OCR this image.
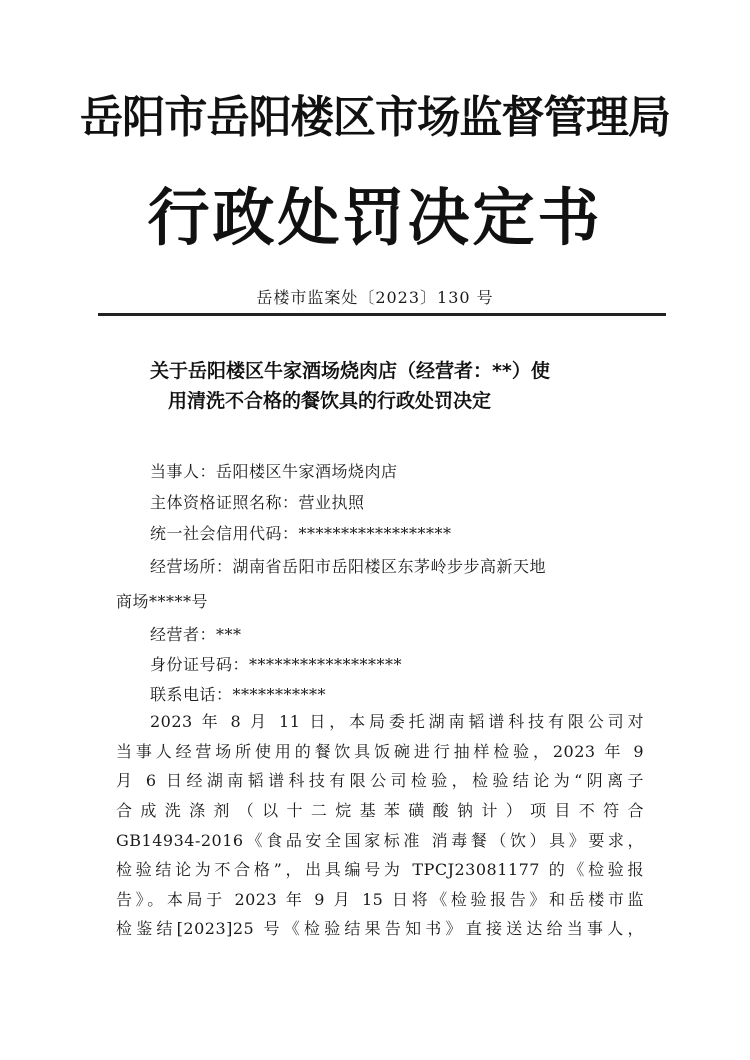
岳阳市岳阳楼区市场监督管理局
行政处罚决定书
岳楼市监案处〔2023〕130 号
关于岳阳楼区牛家酒场烧肉店（经营者：**）使
用清洗不合格的餐饮具的行政处罚决定
当事人：岳阳楼区牛家酒场烧肉店
主体资格证照名称：营业执照
统一社会信用代码：******************
经营场所：湖南省岳阳市岳阳楼区东茅岭步步高新天地
商场*****号
经营者：***
身份证号码：******************
联系电话：***********
2023 年 8 月 11 日，本局委托湖南韬谱科技有限公司对
当事人经营场所使用的餐饮具饭碗进行抽样检验，2023 年 9
月 6 日经湖南韬谱科技有限公司检验，检验结论为“阴离子
合成洗涤剂（以十二烷基苯磺酸钠计）项目不符合
GB14934-2016《食品安全国家标准 消毒餐（饮）具》要求，
检验结论为不合格”，出具编号为 TPCJ23081177 的《检验报
告》。本局于 2023 年 9 月 15 日将《检验报告》和岳楼市监
检鉴结[2023]25 号《检验结果告知书》直接送达给当事人，
